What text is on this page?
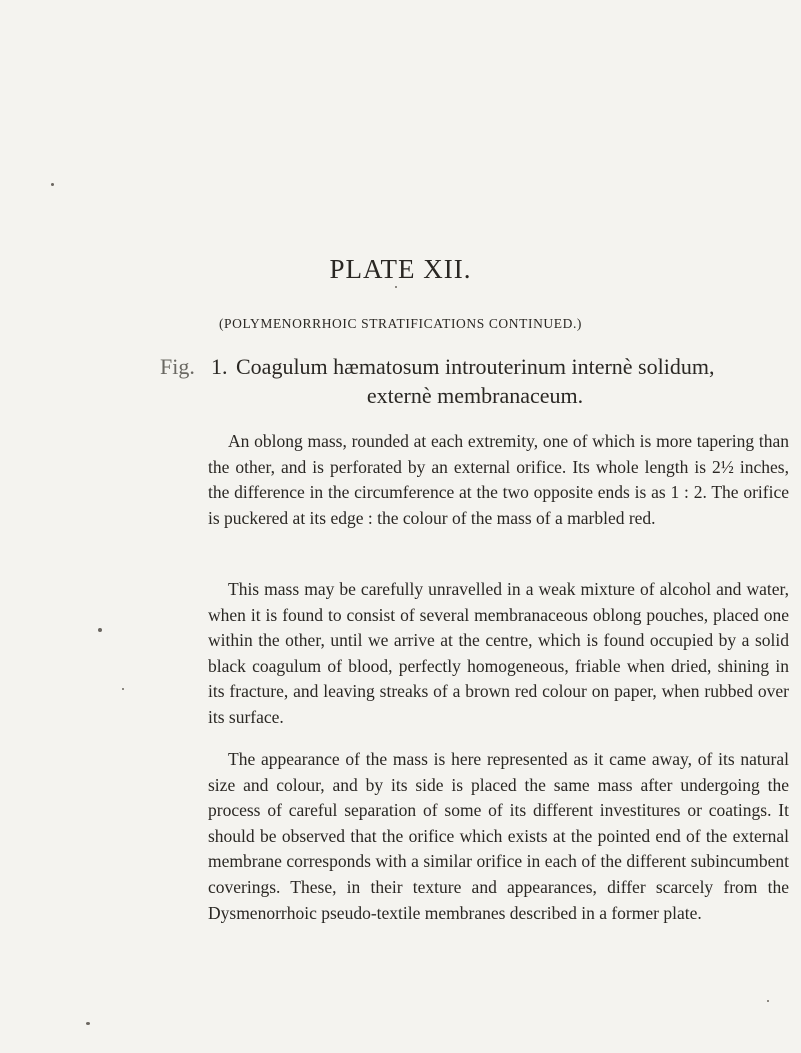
PLATE XII.

(POLYMENORRHOIC STRATIFICATIONS CONTINUED.)

Fig. 1. Coagulum hæmatosum introuterinum internè solidum,
externè membranaceum.

An oblong mass, rounded at each extremity, one of which is more tapering than the other, and is perforated by an external orifice. Its whole length is 2½ inches, the difference in the circumference at the two opposite ends is as 1 : 2. The orifice is puckered at its edge : the colour of the mass of a marbled red.

This mass may be carefully unravelled in a weak mixture of alcohol and water, when it is found to consist of several membranaceous oblong pouches, placed one within the other, until we arrive at the centre, which is found occupied by a solid black coagulum of blood, perfectly homogeneous, friable when dried, shining in its fracture, and leaving streaks of a brown red colour on paper, when rubbed over its surface.

The appearance of the mass is here represented as it came away, of its natural size and colour, and by its side is placed the same mass after undergoing the process of careful separation of some of its different investitures or coatings. It should be observed that the orifice which exists at the pointed end of the external membrane corresponds with a similar orifice in each of the different subincumbent coverings. These, in their texture and appearances, differ scarcely from the Dysmenorrhoic pseudo-textile membranes described in a former plate.
